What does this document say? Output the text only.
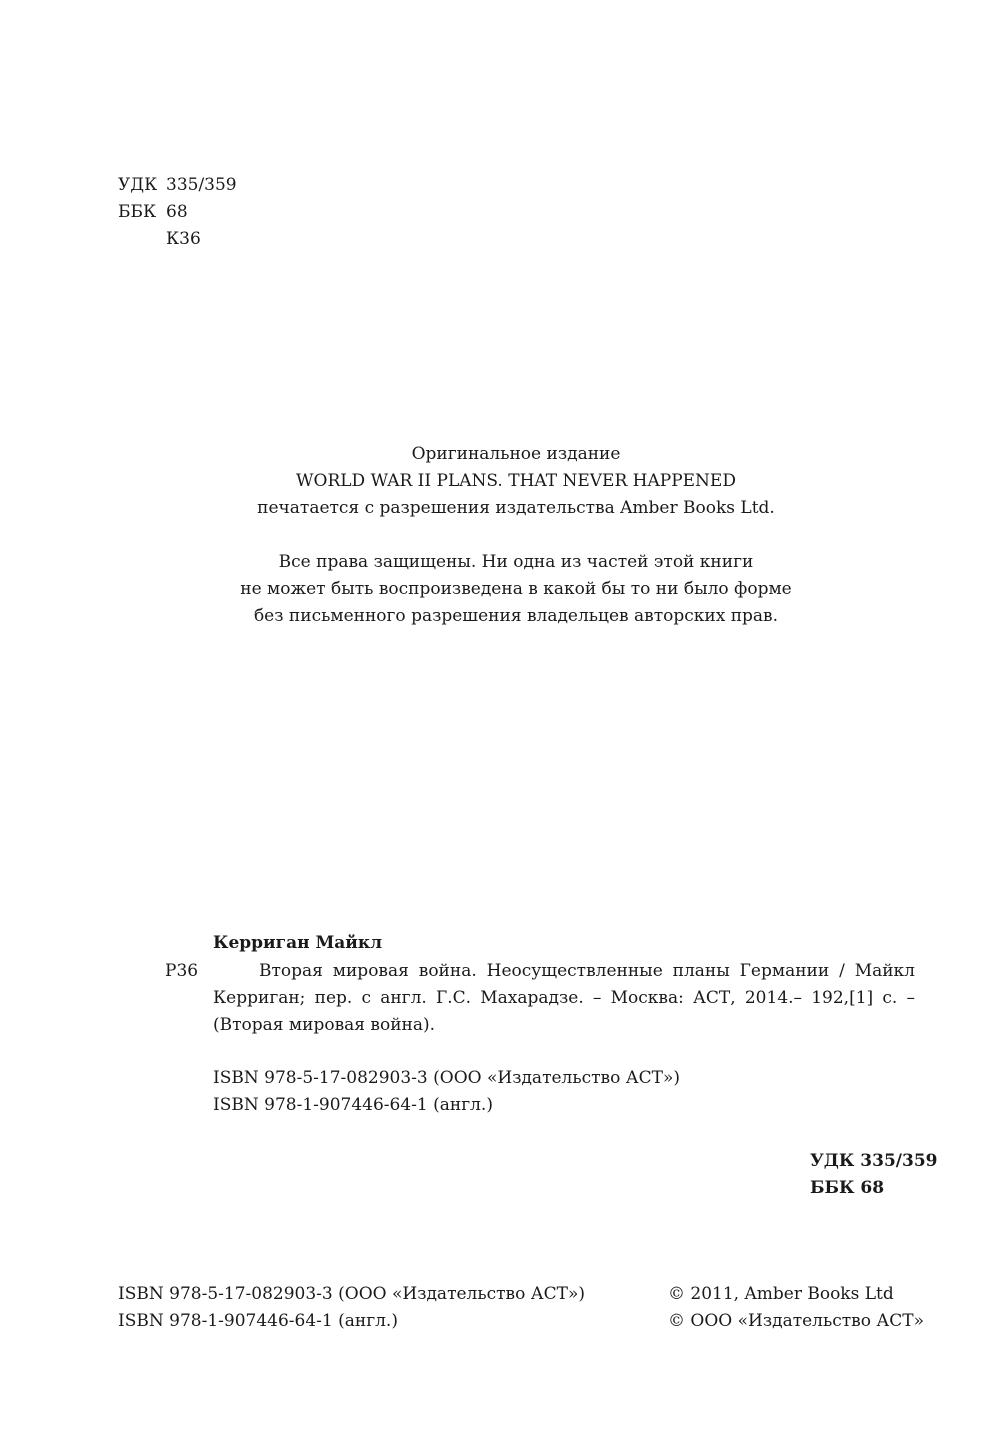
УДК 335/359
ББК 68
К36
Оригинальное издание
WORLD WAR II PLANS. THAT NEVER HAPPENED
печатается с разрешения издательства Amber Books Ltd.
Все права защищены. Ни одна из частей этой книги
не может быть воспроизведена в какой бы то ни было форме
без письменного разрешения владельцев авторских прав.
Керриган Майкл
Р36	Вторая мировая война. Неосуществленные планы Германии / Майкл Керриган; пер. с англ. Г.С. Махарадзе. – Москва: АСТ, 2014.– 192,[1] с. – (Вторая мировая война).
ISBN 978-5-17-082903-3 (ООО «Издательство АСТ»)
ISBN 978-1-907446-64-1 (англ.)
УДК 335/359
ББК 68
ISBN 978-5-17-082903-3 (ООО «Издательство АСТ»)
ISBN 978-1-907446-64-1 (англ.)
© 2011, Amber Books Ltd
© ООО «Издательство АСТ»
